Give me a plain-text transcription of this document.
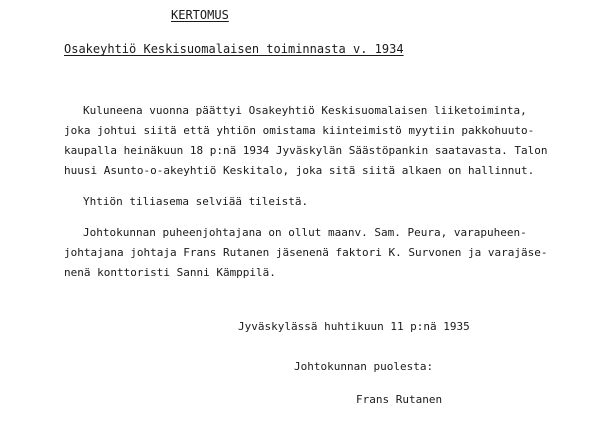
KERTOMUS
Osakeyhtiö Keskisuomalaisen toiminnasta v. 1934
Kuluneena vuonna päättyi Osakeyhtiö Keskisuomalaisen liiketoiminta,
joka johtui siitä että yhtiön omistama kiinteimistö myytiin pakkohuuto-
kaupalla heinäkuun 18 p:nä 1934 Jyväskylän Säästöpankin saatavasta. Talon
huusi Asunto-o-akeyhtiö Keskitalo, joka sitä siitä alkaen on hallinnut.
Yhtiön tiliasema selviää tileistä.
Johtokunnan puheenjohtajana on ollut maanv. Sam. Peura, varapuheen-
johtajana johtaja Frans Rutanen jäsenenä faktori K. Survonen ja varajäse-
nenä konttoristi Sanni Kämppilä.
Jyväskylässä huhtikuun 11 p:nä 1935
Johtokunnan puolesta:
Frans Rutanen
